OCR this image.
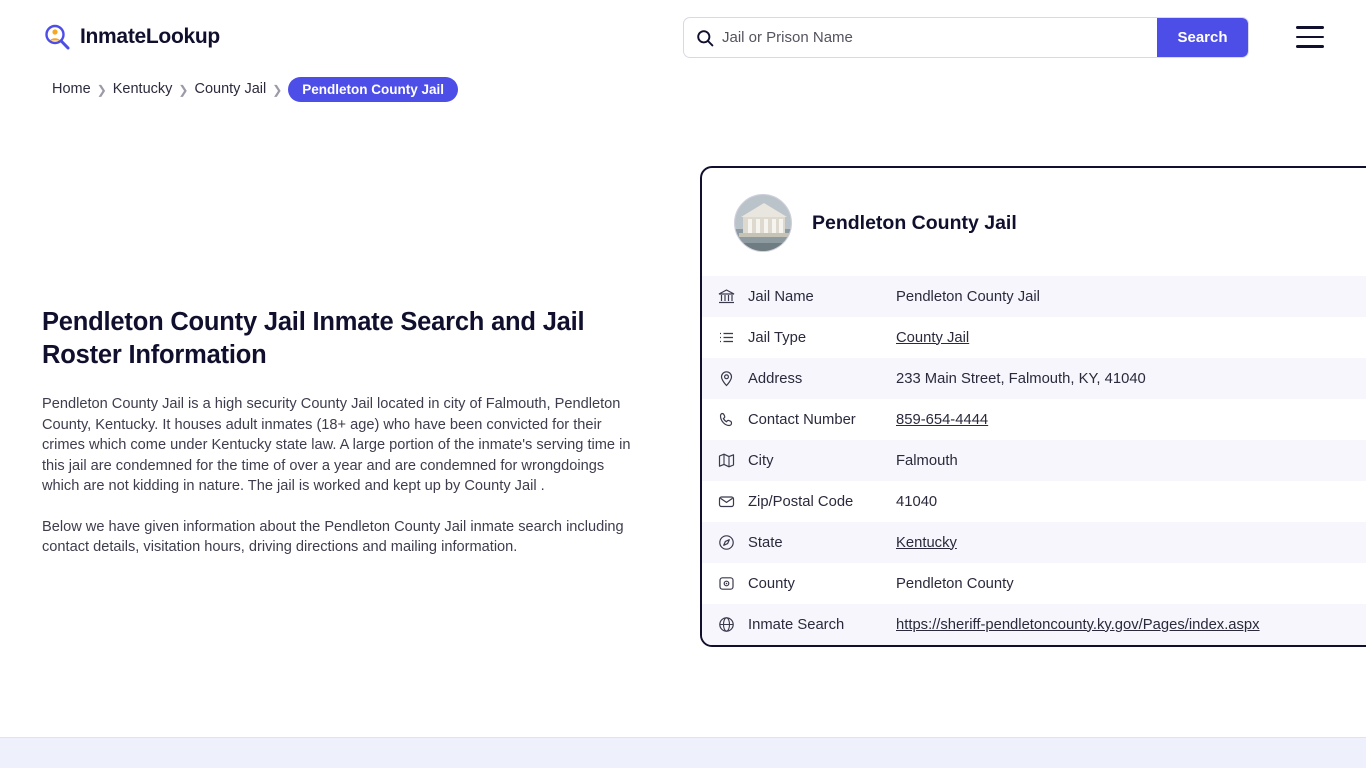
InmateLookup
Jail or Prison Name	Search
Home ❯ Kentucky ❯ County Jail ❯	Pendleton County Jail
Pendleton County Jail Inmate Search and Jail Roster Information

Pendleton County Jail is a high security County Jail located in city of Falmouth, Pendleton County, Kentucky. It houses adult inmates (18+ age) who have been convicted for their crimes which come under Kentucky state law. A large portion of the inmate's serving time in this jail are condemned for the time of over a year and are condemned for wrongdoings which are not kidding in nature. The jail is worked and kept up by County Jail .

Below we have given information about the Pendleton County Jail inmate search including contact details, visitation hours, driving directions and mailing information.

Pendleton County Jail
Jail Name	Pendleton County Jail
Jail Type	County Jail
Address	233 Main Street, Falmouth, KY, 41040
Contact Number	859-654-4444
City	Falmouth
Zip/Postal Code	41040
State	Kentucky
County	Pendleton County
Inmate Search	https://sheriff-pendletoncounty.ky.gov/Pages/index.aspx
